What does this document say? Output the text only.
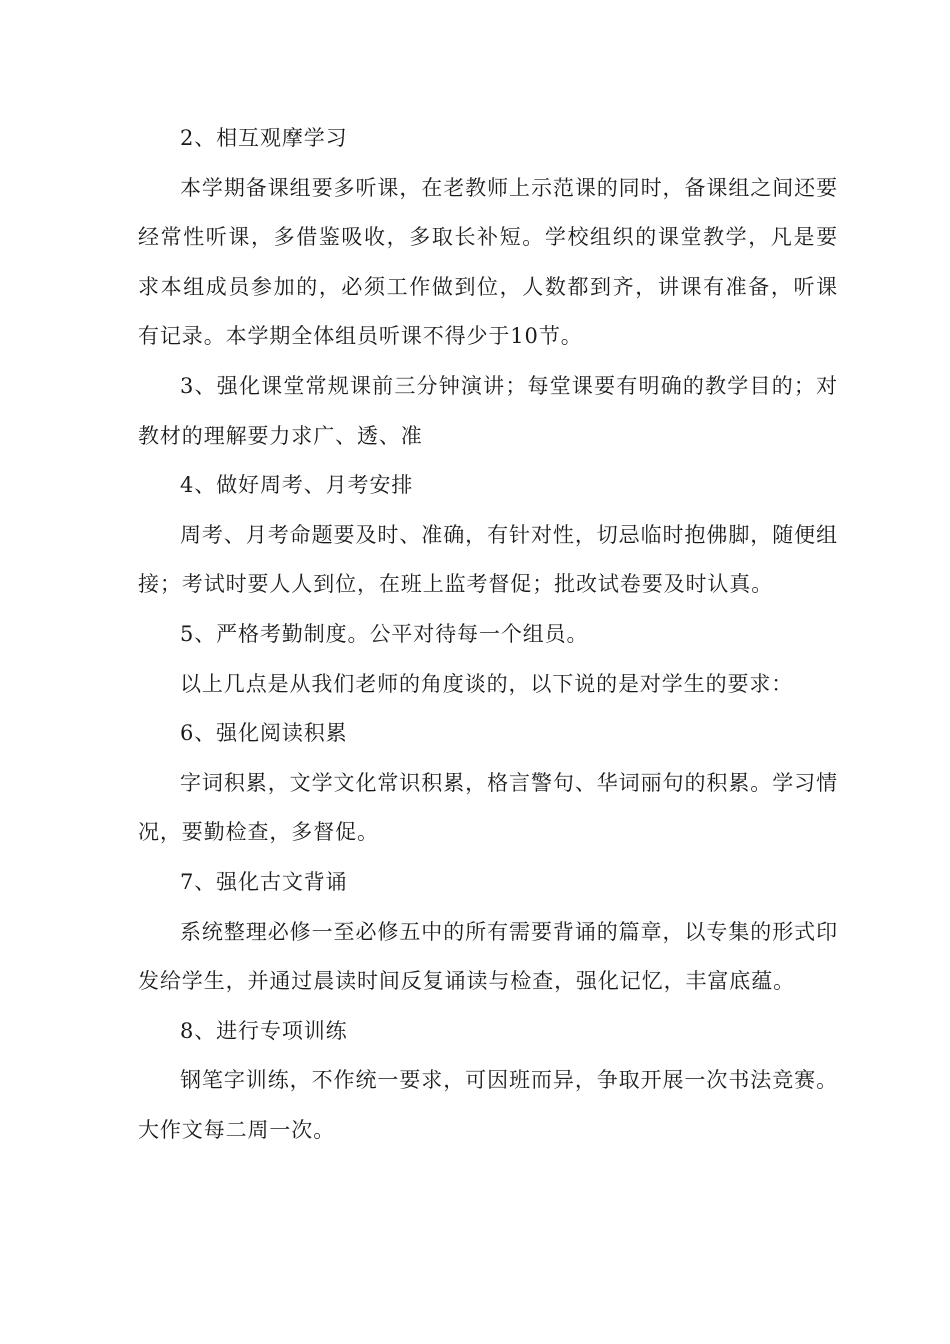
2、相互观摩学习

本学期备课组要多听课，在老教师上示范课的同时，备课组之间还要经常性听课，多借鉴吸收，多取长补短。学校组织的课堂教学，凡是要求本组成员参加的，必须工作做到位，人数都到齐，讲课有准备，听课有记录。本学期全体组员听课不得少于10节。

3、强化课堂常规课前三分钟演讲；每堂课要有明确的教学目的；对教材的理解要力求广、透、准

4、做好周考、月考安排

周考、月考命题要及时、准确，有针对性，切忌临时抱佛脚，随便组接；考试时要人人到位，在班上监考督促；批改试卷要及时认真。

5、严格考勤制度。公平对待每一个组员。

以上几点是从我们老师的角度谈的，以下说的是对学生的要求：

6、强化阅读积累

字词积累，文学文化常识积累，格言警句、华词丽句的积累。学习情况，要勤检查，多督促。

7、强化古文背诵

系统整理必修一至必修五中的所有需要背诵的篇章，以专集的形式印发给学生，并通过晨读时间反复诵读与检查，强化记忆，丰富底蕴。

8、进行专项训练

钢笔字训练，不作统一要求，可因班而异，争取开展一次书法竞赛。大作文每二周一次。
